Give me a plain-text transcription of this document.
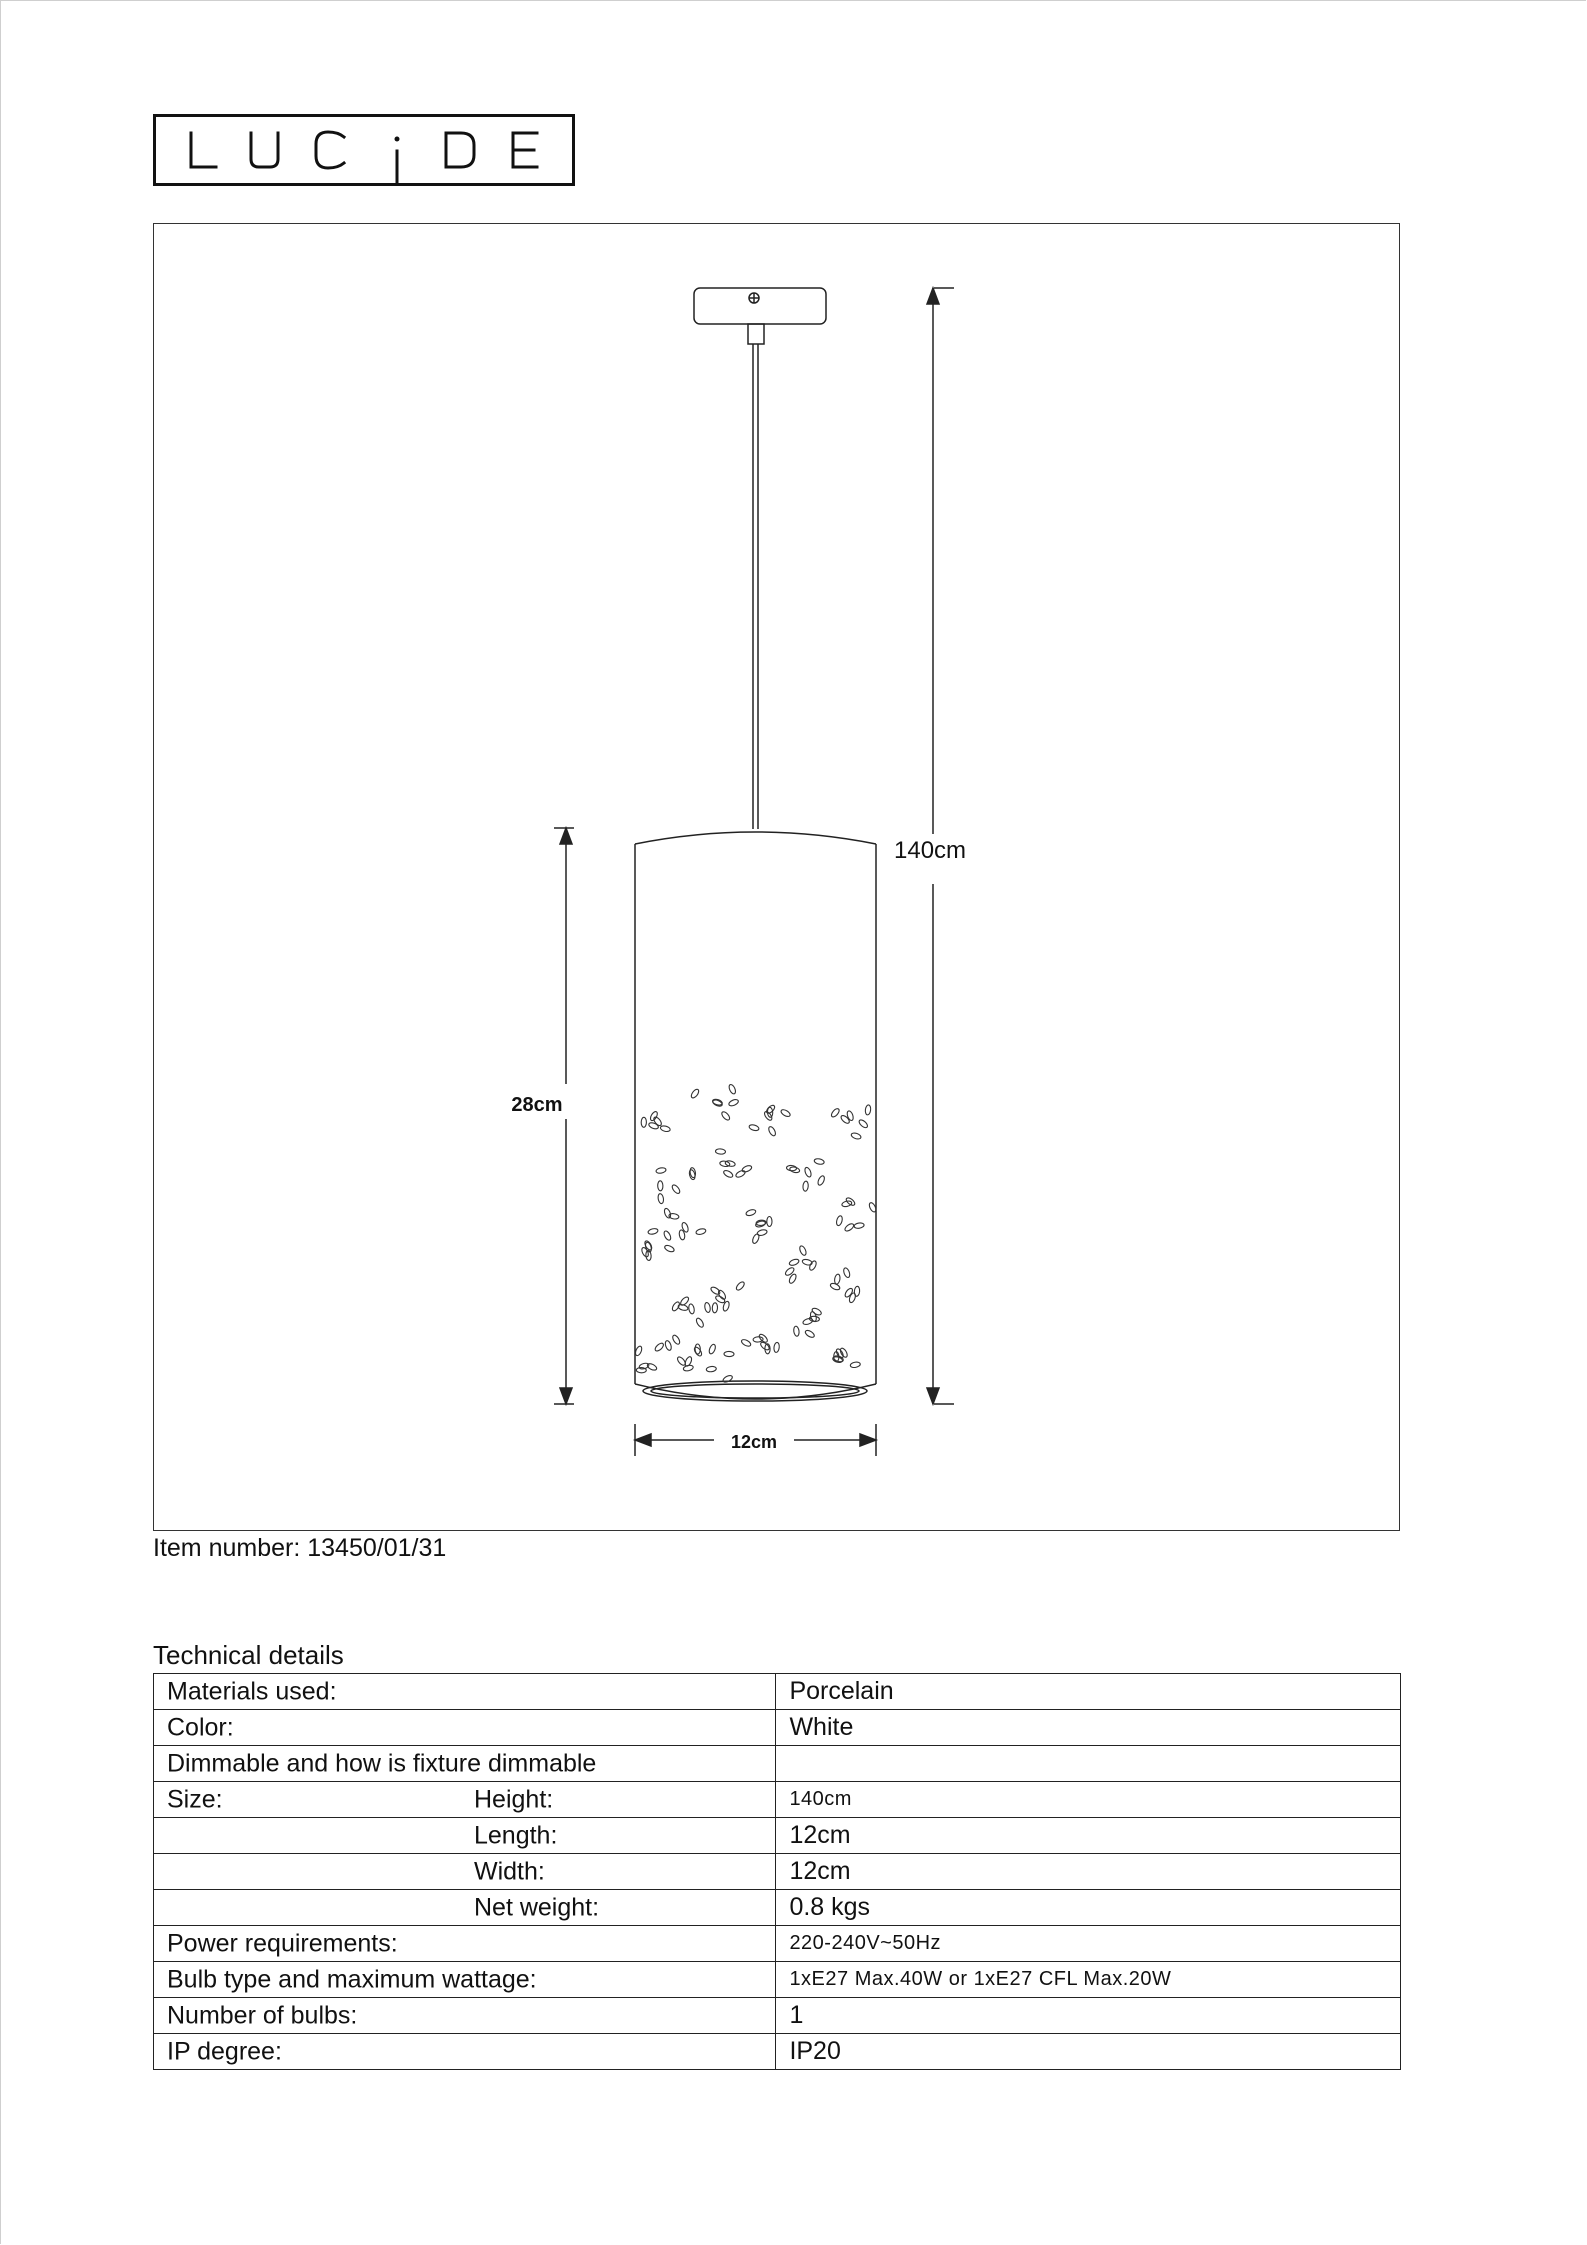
140cm
28cm
12cm
Item number: 13450/01/31
Technical details
Materials used:	Porcelain

Color:	White

Dimmable and how is fixture dimmable	

Size: Height:	140cm

Length:	12cm

Width:	12cm

Net weight:	0.8 kgs

Power requirements:	220-240V~50Hz

Bulb type and maximum wattage:	1xE27 Max.40W or 1xE27 CFL Max.20W

Number of bulbs:	1

IP degree:	IP20
